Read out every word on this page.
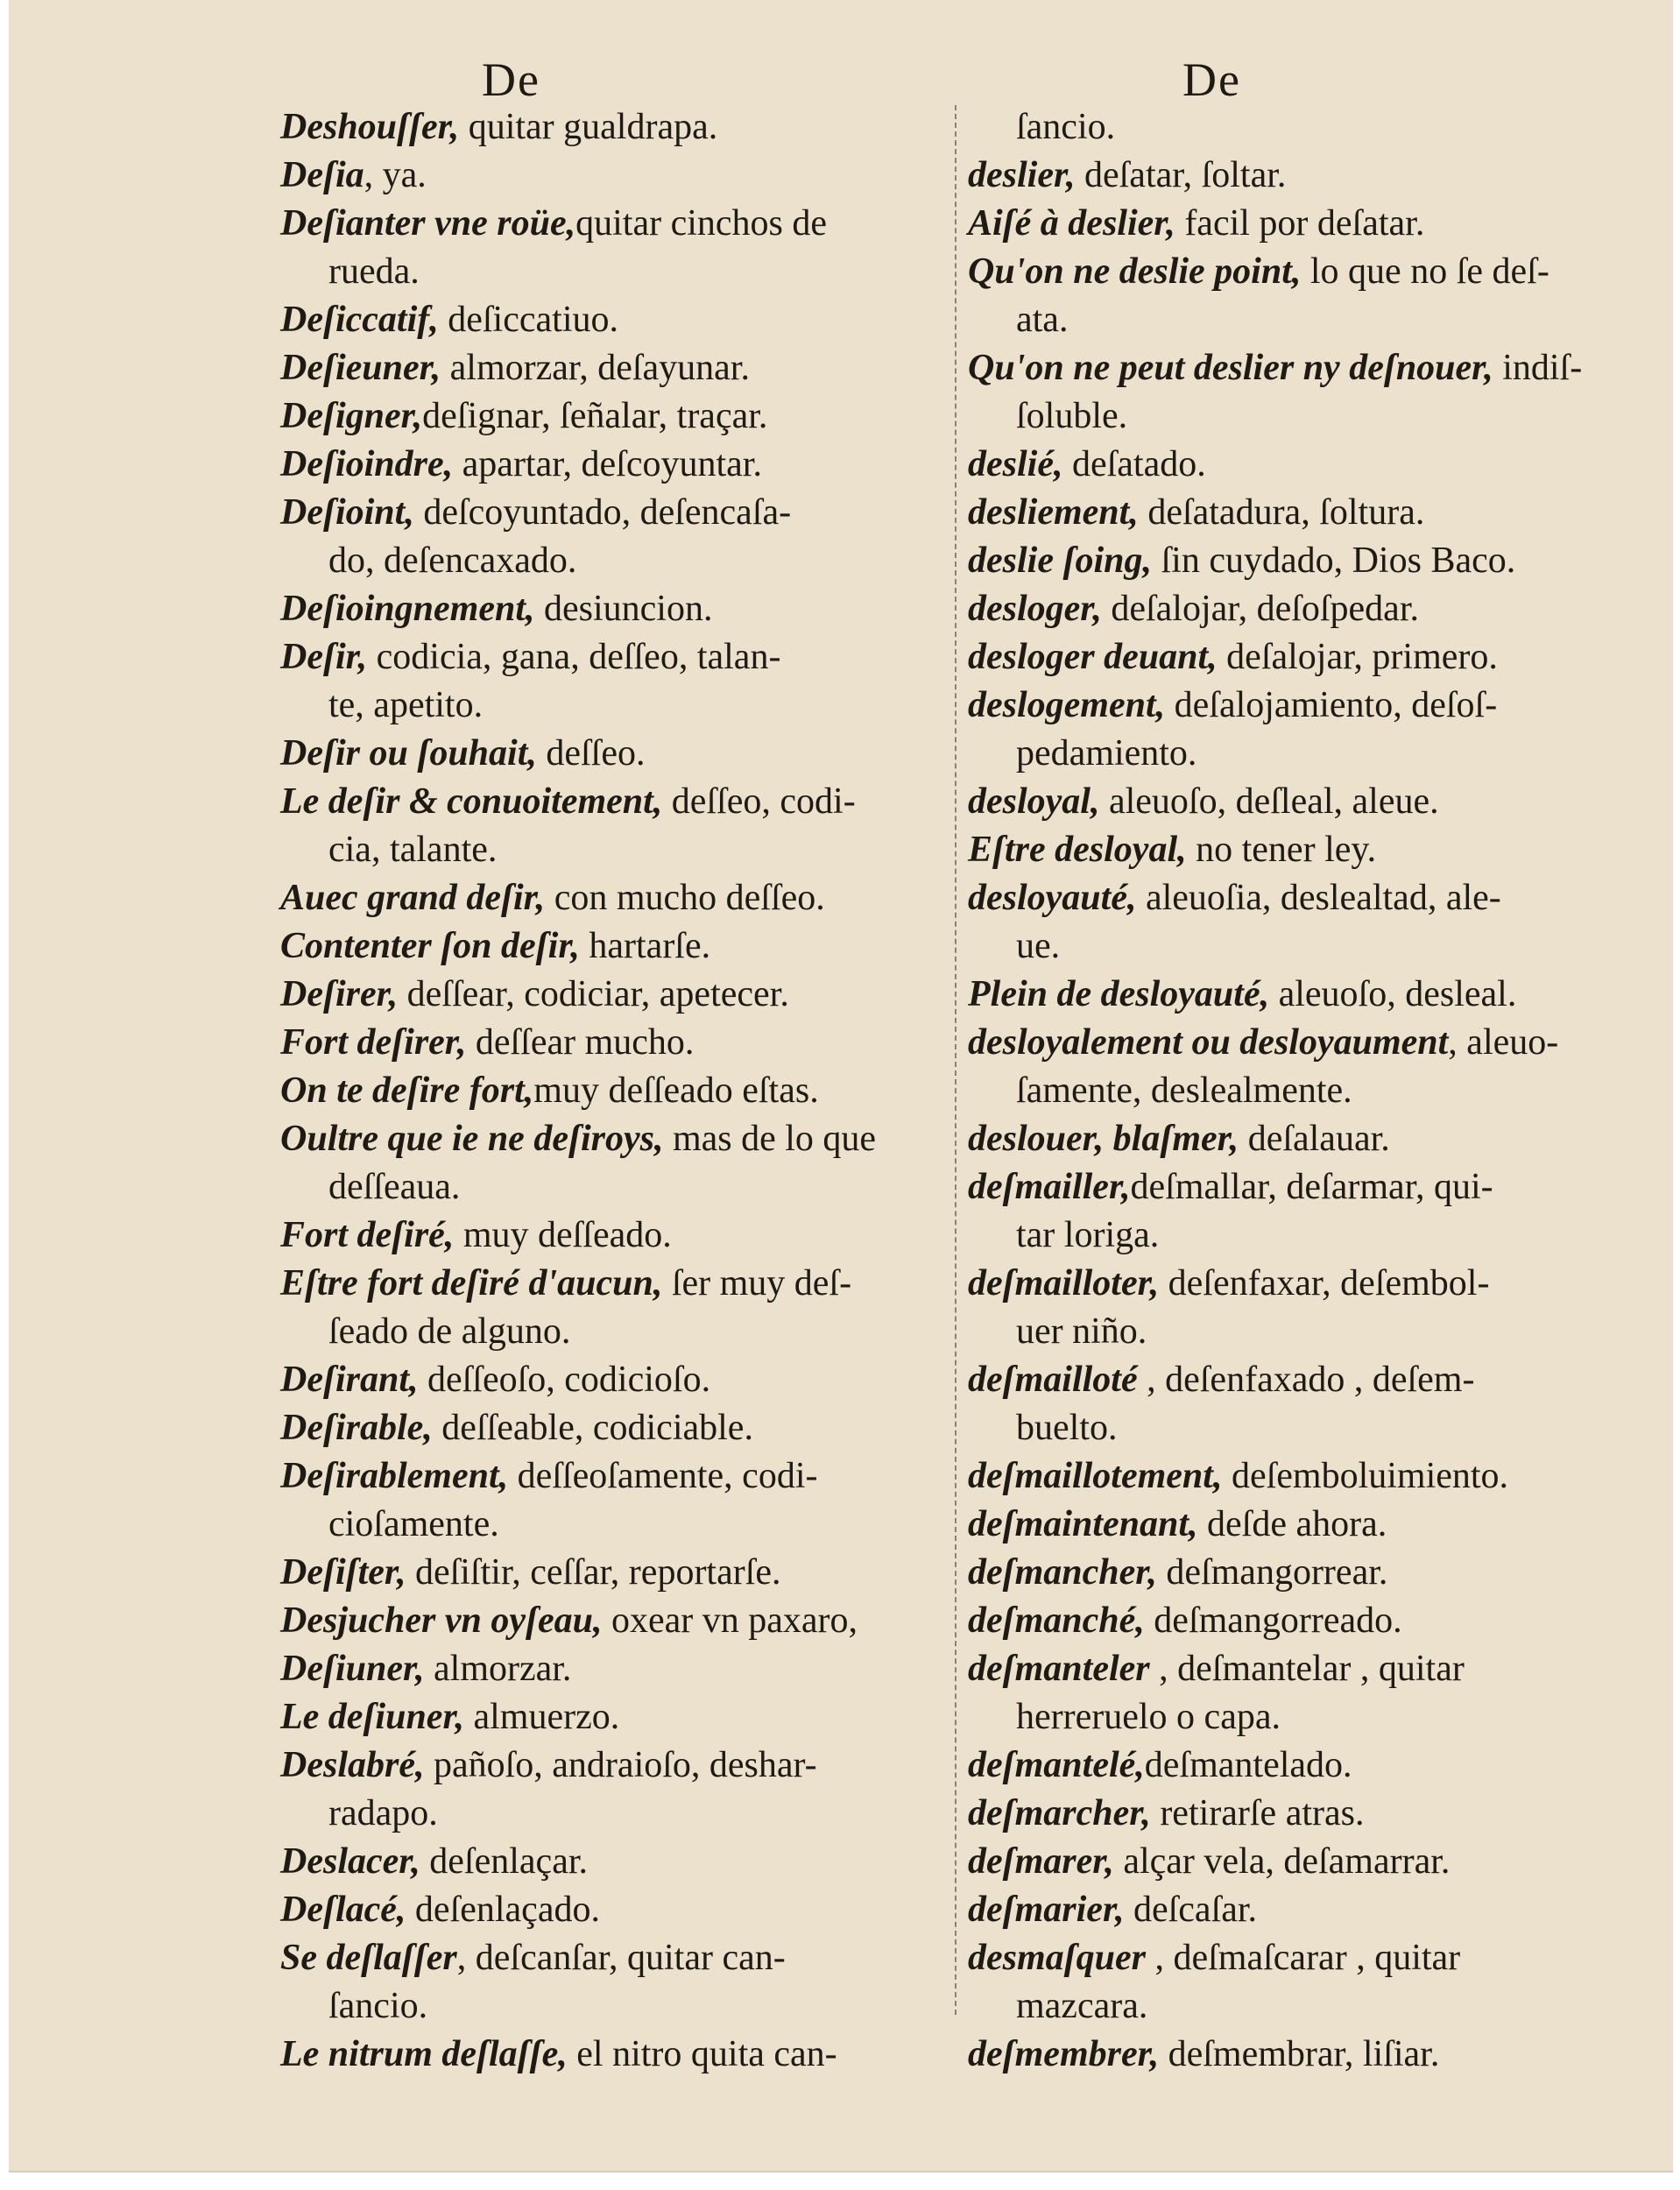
De	De

Deshouſſer, quitar gualdrapa.

Deſia, ya.

Deſianter vne roüe,quitar cinchos de

rueda.

Deſiccatif, deſiccatiuo.

Deſieuner, almorzar, deſayunar.

Deſigner,deſignar, ſeñalar, traçar.

Deſioindre, apartar, deſcoyuntar.

Deſioint, deſcoyuntado, deſencaſa-

do, deſencaxado.

Deſioingnement, desiuncion.

Deſir, codicia, gana, deſſeo, talan-

te, apetito.

Deſir ou ſouhait, deſſeo.

Le deſir & conuoitement, deſſeo, codi-

cia, talante.

Auec grand deſir, con mucho deſſeo.

Contenter ſon deſir, hartarſe.

Deſirer, deſſear, codiciar, apetecer.

Fort deſirer, deſſear mucho.

On te deſire fort,muy deſſeado eſtas.

Oultre que ie ne deſiroys, mas de lo que

deſſeaua.

Fort deſiré, muy deſſeado.

Eſtre fort deſiré d'aucun, ſer muy deſ-

ſeado de alguno.

Deſirant, deſſeoſo, codicioſo.

Deſirable, deſſeable, codiciable.

Deſirablement, deſſeoſamente, codi-

cioſamente.

Deſiſter, deſiſtir, ceſſar, reportarſe.

Desjucher vn oyſeau, oxear vn paxaro,

Deſiuner, almorzar.

Le deſiuner, almuerzo.

Deslabré, pañoſo, andraioſo, deshar-

radapo.

Deslacer, deſenlaçar.

Deſlacé, deſenlaçado.

Se deſlaſſer, deſcanſar, quitar can-

ſancio.

Le nitrum deſlaſſe, el nitro quita can-

ſancio.

deslier, deſatar, ſoltar.

Aiſé à deslier, facil por deſatar.

Qu'on ne deslie point, lo que no ſe deſ-

ata.

Qu'on ne peut deslier ny deſnouer, indiſ-

ſoluble.

deslié, deſatado.

desliement, deſatadura, ſoltura.

deslie ſoing, ſin cuydado, Dios Baco.

desloger, deſalojar, deſoſpedar.

desloger deuant, deſalojar, primero.

deslogement, deſalojamiento, deſoſ-

pedamiento.

desloyal, aleuoſo, deſleal, aleue.

Eſtre desloyal, no tener ley.

desloyauté, aleuoſia, deslealtad, ale-

ue.

Plein de desloyauté, aleuoſo, desleal.

desloyalement ou desloyaument, aleuo-

ſamente, deslealmente.

deslouer, blaſmer, deſalauar.

deſmailler,deſmallar, deſarmar, qui-

tar loriga.

deſmailloter, deſenfaxar, deſembol-

uer niño.

deſmailloté , deſenfaxado , deſem-

buelto.

deſmaillotement, deſemboluimiento.

deſmaintenant, deſde ahora.

deſmancher, deſmangorrear.

deſmanché, deſmangorreado.

deſmanteler , deſmantelar , quitar

herreruelo o capa.

deſmantelé,deſmantelado.

deſmarcher, retirarſe atras.

deſmarer, alçar vela, deſamarrar.

deſmarier, deſcaſar.

desmaſquer , deſmaſcarar , quitar

mazcara.

deſmembrer, deſmembrar, liſiar.
